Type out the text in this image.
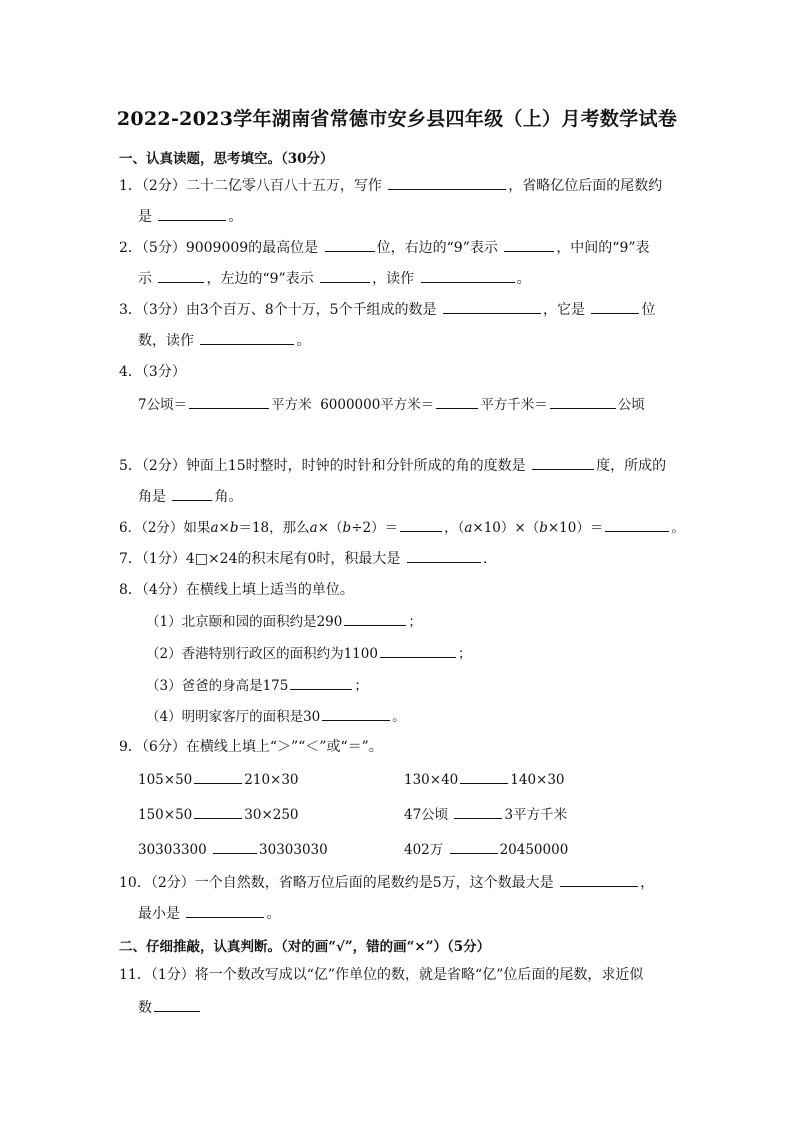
2022-2023学年湖南省常德市安乡县四年级（上）月考数学试卷
一、认真读题，思考填空。（30分）
1．（2分）二十二亿零八百八十五万，写作	，省略亿位后面的尾数约
是	。
2．（5分）9009009的最高位是	位，右边的“9”表示	，中间的“9”表
示	，左边的“9”表示	，读作	。
3．（3分）由3个百万、8个十万，5个千组成的数是	，它是	位
数，读作	。
4．（3分）
7公顷＝	平方米 6000000平方米＝	平方千米＝	公顷
5．（2分）钟面上15时整时，时钟的时针和分针所成的角的度数是	度，所成的
角是	角。
6．（2分）如果a×b＝18，那么a×（b÷2）＝	，（a×10）×（b×10）＝	。
7．（1分）4□×24的积末尾有0时，积最大是	.
8．（4分）在横线上填上适当的单位。
（1）北京颐和园的面积约是290	；
（2）香港特别行政区的面积约为1100	；
（3）爸爸的身高是175	；
（4）明明家客厅的面积是30	。
9．（6分）在横线上填上“＞”“＜”或“＝”。
105×50	210×30	130×40	140×30
150×50	30×250	47公顷	3平方千米
30303300	30303030	402万	20450000
10．（2分）一个自然数，省略万位后面的尾数约是5万，这个数最大是	，
最小是	。
二、仔细推敲，认真判断。（对的画“√”，错的画“×”）（5分）
11．（1分）将一个数改写成以“亿”作单位的数，就是省略“亿”位后面的尾数，求近似
数
